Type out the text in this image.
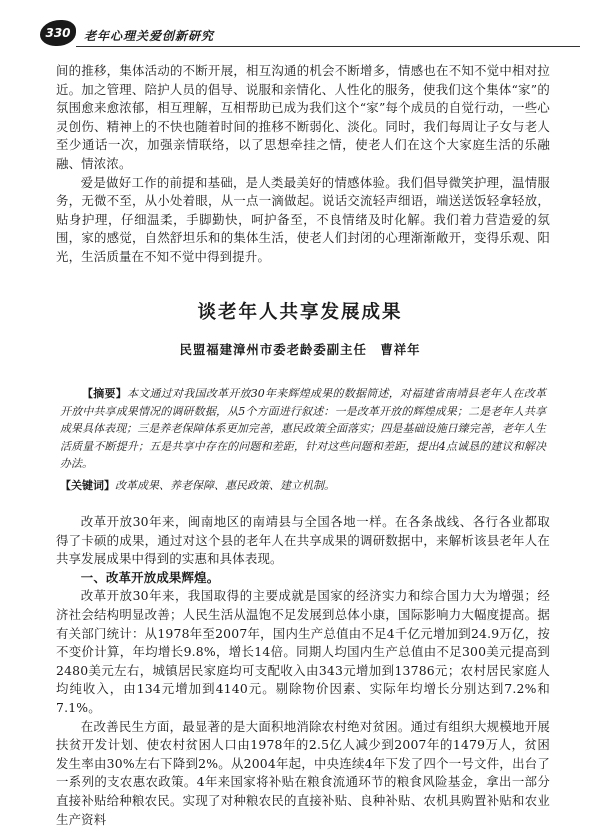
330	老年心理关爱创新研究

间的推移，集体活动的不断开展，相互沟通的机会不断增多，情感也在不知不觉中相对拉近。加之管理、陪护人员的倡导、说服和亲情化、人性化的服务，使我们这个集体“家”的氛围愈来愈浓郁，相互理解，互相帮助已成为我们这个“家”每个成员的自觉行动，一些心灵创伤、精神上的不快也随着时间的推移不断弱化、淡化。同时，我们每周让子女与老人至少通话一次，加强亲情联络，以了思想牵挂之情，使老人们在这个大家庭生活的乐融融、情浓浓。

爱是做好工作的前提和基础，是人类最美好的情感体验。我们倡导微笑护理，温情服务，无微不至，从小处着眼，从一点一滴做起。说话交流轻声细语，端送送饭轻拿轻放，贴身护理，仔细温柔，手脚勤快，呵护备至，不良情绪及时化解。我们着力营造爱的氛围，家的感觉，自然舒坦乐和的集体生活，使老人们封闭的心理渐渐敞开，变得乐观、阳光，生活质量在不知不觉中得到提升。

谈老年人共享发展成果
民盟福建漳州市委老龄委副主任　曹祥年

【摘要】本文通过对我国改革开放30年来辉煌成果的数据简述，对福建省南靖县老年人在改革开放中共享成果情况的调研数据，从5个方面进行叙述：一是改革开放的辉煌成果；二是老年人共享成果具体表现；三是养老保障体系更加完善，惠民政策全面落实；四是基础设施日臻完善，老年人生活质量不断提升；五是共享中存在的问题和差距，针对这些问题和差距，提出4点诚恳的建议和解决办法。

【关键词】改革成果、养老保障、惠民政策、建立机制。

改革开放30年来，闽南地区的南靖县与全国各地一样。在各条战线、各行各业都取得了卡硕的成果，通过对这个县的老年人在共享成果的调研数据中，来解析该县老年人在共享发展成果中得到的实惠和具体表现。

一、改革开放成果辉煌。

改革开放30年来，我国取得的主要成就是国家的经济实力和综合国力大为增强；经济社会结构明显改善；人民生活从温饱不足发展到总体小康，国际影响力大幅度提高。据有关部门统计：从1978年至2007年，国内生产总值由不足4千亿元增加到24.9万亿，按不变价计算，年均增长9.8%，增长14倍。同期人均国内生产总值由不足300美元提高到2480美元左右，城镇居民家庭均可支配收入由343元增加到13786元；农村居民家庭人均纯收入，由134元增加到4140元。剔除物价因素、实际年均增长分别达到7.2%和7.1%。

在改善民生方面，最显著的是大面积地消除农村绝对贫困。通过有组织大规模地开展扶贫开发计划、使农村贫困人口由1978年的2.5亿人减少到2007年的1479万人，贫困发生率由30%左右下降到2%。从2004年起，中央连续4年下发了四个一号文件，出台了一系列的支农惠农政策。4年来国家将补贴在粮食流通环节的粮食风险基金，拿出一部分直接补贴给种粮农民。实现了对种粮农民的直接补贴、良种补贴、农机具购置补贴和农业生产资料
